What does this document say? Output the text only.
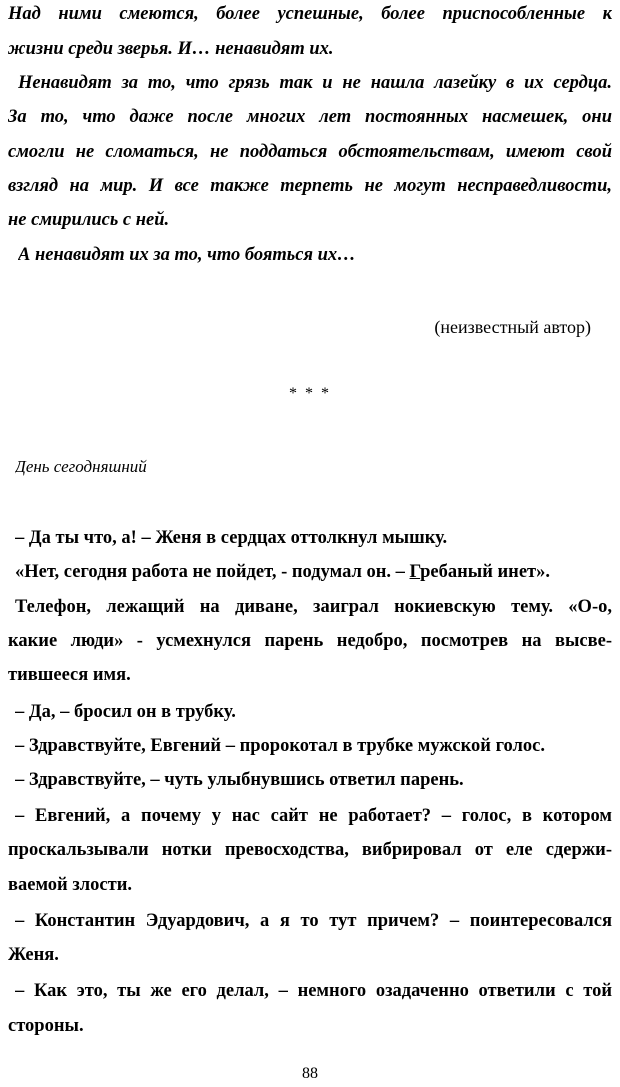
Над ними смеются, более успешные, более приспособленные к
жизни среди зверья. И… ненавидят их.
Ненавидят за то, что грязь так и не нашла лазейку в их сердца.
За то, что даже после многих лет постоянных насмешек, они
смогли не сломаться, не поддаться обстоятельствам, имеют свой
взгляд на мир. И все также терпеть не могут несправедливости,
не смирились с ней.
А ненавидят их за то, что бояться их…
(неизвестный автор)
* * *
День сегодняшний
– Да ты что, а! – Женя в сердцах оттолкнул мышку.
«Нет, сегодня работа не пойдет, - подумал он. – Гребаный инет».
Телефон, лежащий на диване, заиграл нокиевскую тему. «О-о,
какие люди» - усмехнулся парень недобро, посмотрев на высве-
тившееся имя.
– Да, – бросил он в трубку.
– Здравствуйте, Евгений – пророкотал в трубке мужской голос.
– Здравствуйте, – чуть улыбнувшись ответил парень.
– Евгений, а почему у нас сайт не работает? – голос, в котором
проскальзывали нотки превосходства, вибрировал от еле сдержи-
ваемой злости.
– Константин Эдуардович, а я то тут причем? – поинтересовался
Женя.
– Как это, ты же его делал, – немного озадаченно ответили с той
стороны.
88
